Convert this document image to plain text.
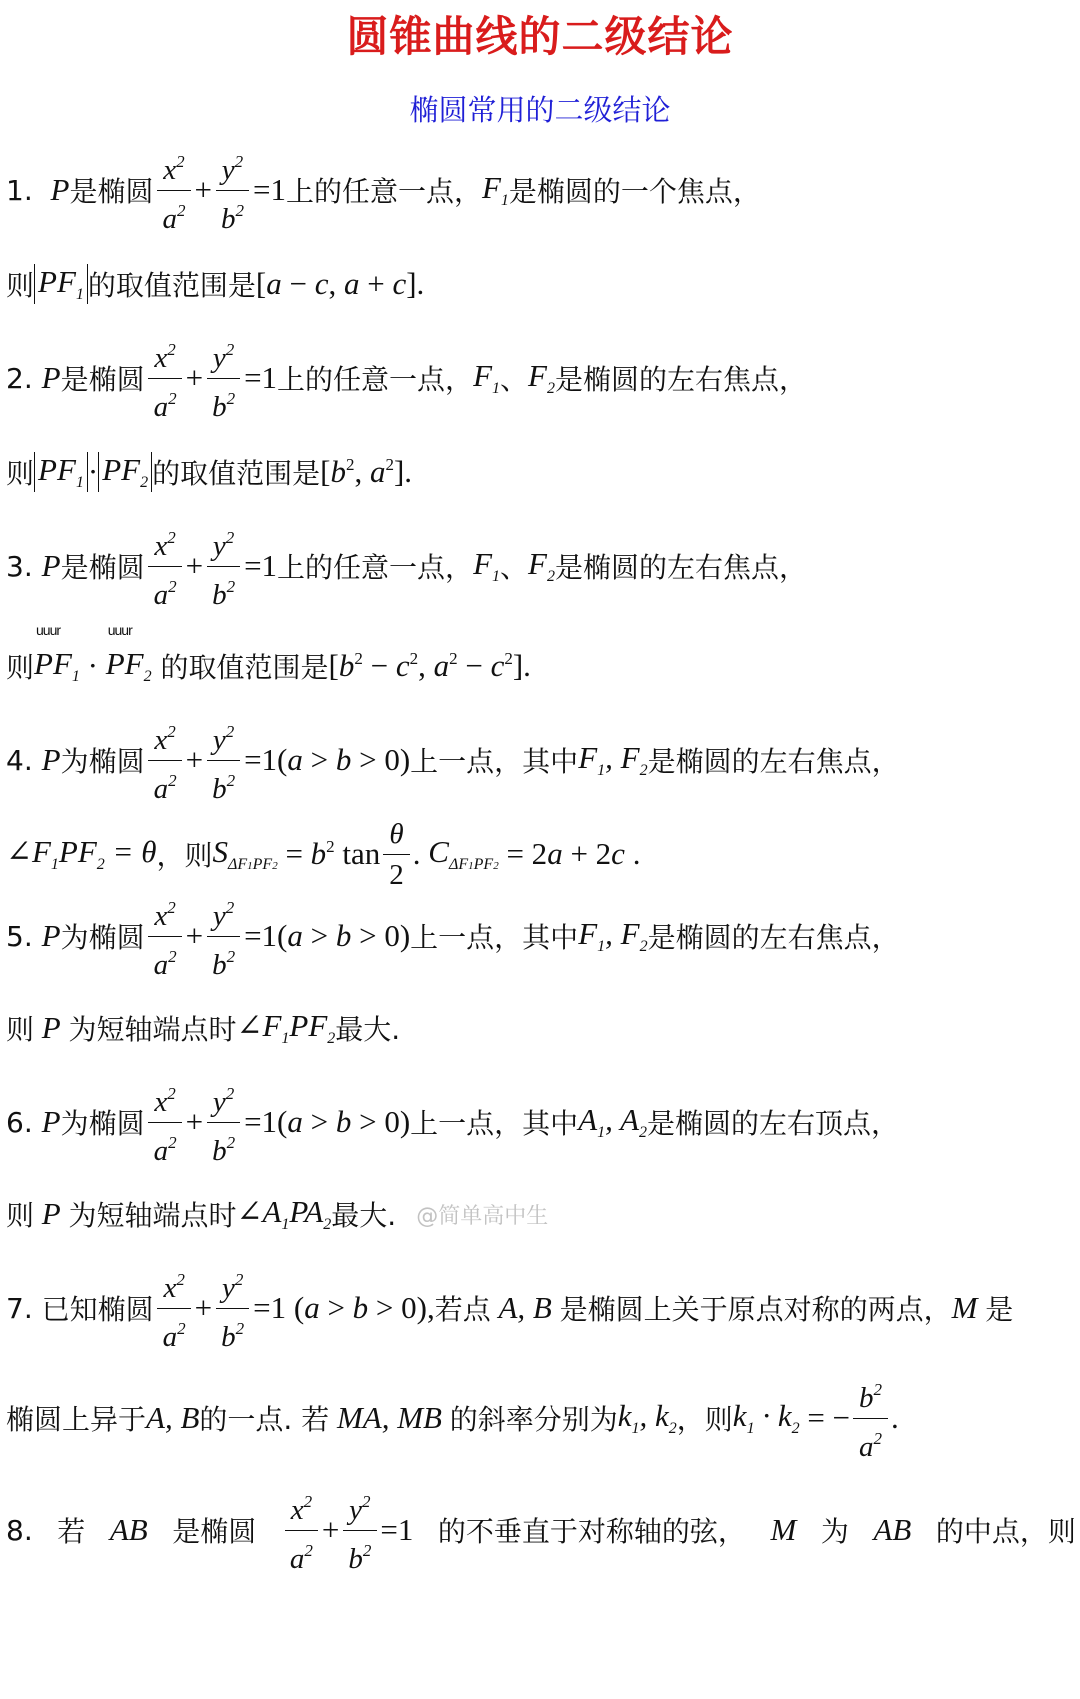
圆锥曲线的二级结论
椭圆常用的二级结论
1.
P 是椭圆 $\frac{x^2}{a^2} + \frac{y^2}{b^2} =1$ 上的任意一点， $F_1$ 是椭圆的一个焦点，
则 $PF_1$ 的取值范围是 [a − c, a + c].
2.
P 是椭圆 $\frac{x^2}{a^2} + \frac{y^2}{b^2} =1$ 上的任意一点， $F_1$ 、 $F_2$ 是椭圆的左右焦点，
则 $PF_1 \cdot PF_2$ 的取值范围是 [$b^2$, $a^2$].
3.
P 是椭圆 $\frac{x^2}{a^2} + \frac{y^2}{b^2} =1$ 上的任意一点， $F_1$ 、 $F_2$ 是椭圆的左右焦点，
则 uuur $PF_1$ · uuur $PF_2$
的取值范围是 [$b^2 - c^2$, $a^2 - c^2$].
4.
P 为椭圆 $\frac{x^2}{a^2} + \frac{y^2}{b^2} =1(a > b > 0)$ 上一点，其中 $F_1$, $F_2$ 是椭圆的左右焦点，
$\angle F_1PF_2 = \theta$ ，则 $S_{\Delta F1PF2} = b^2$ $\tan \frac{\theta}{2}$ . $C_{\Delta F1PF2} = 2a + 2c$ .
5.
P 为椭圆 $\frac{x^2}{a^2} + \frac{y^2}{b^2} =1(a > b > 0)$ 上一点，其中 $F_1$, $F_2$ 是椭圆的左右焦点，
则 P 为短轴端点时 $\angle F_1PF_2$ 最大.
6.
P 为椭圆 $\frac{x^2}{a^2} + \frac{y^2}{b^2} =1(a > b > 0)$ 上一点，其中 $A_1$, $A_2$ 是椭圆的左右顶点，
则 P 为短轴端点时 $\angle A_1PA_2$ 最大. @简单高中生
7.
已知椭圆 $\frac{x^2}{a^2} + \frac{y^2}{b^2} =1$ (a > b > 0), 若点 A, B 是椭圆上关于原点对称的两点， M 是
椭圆上异于 A, B 的一点. 若 MA, MB 的斜率分别为 $k_1$, $k_2$ ，则 $k_1 \cdot k_2$ = − $\frac{b^2}{a^2}$ .
8. 若 AB 是椭圆 $\frac{x^2}{a^2} + \frac{y^2}{b^2} =1$ 的不垂直于对称轴的弦， M 为 AB 的中点，则
